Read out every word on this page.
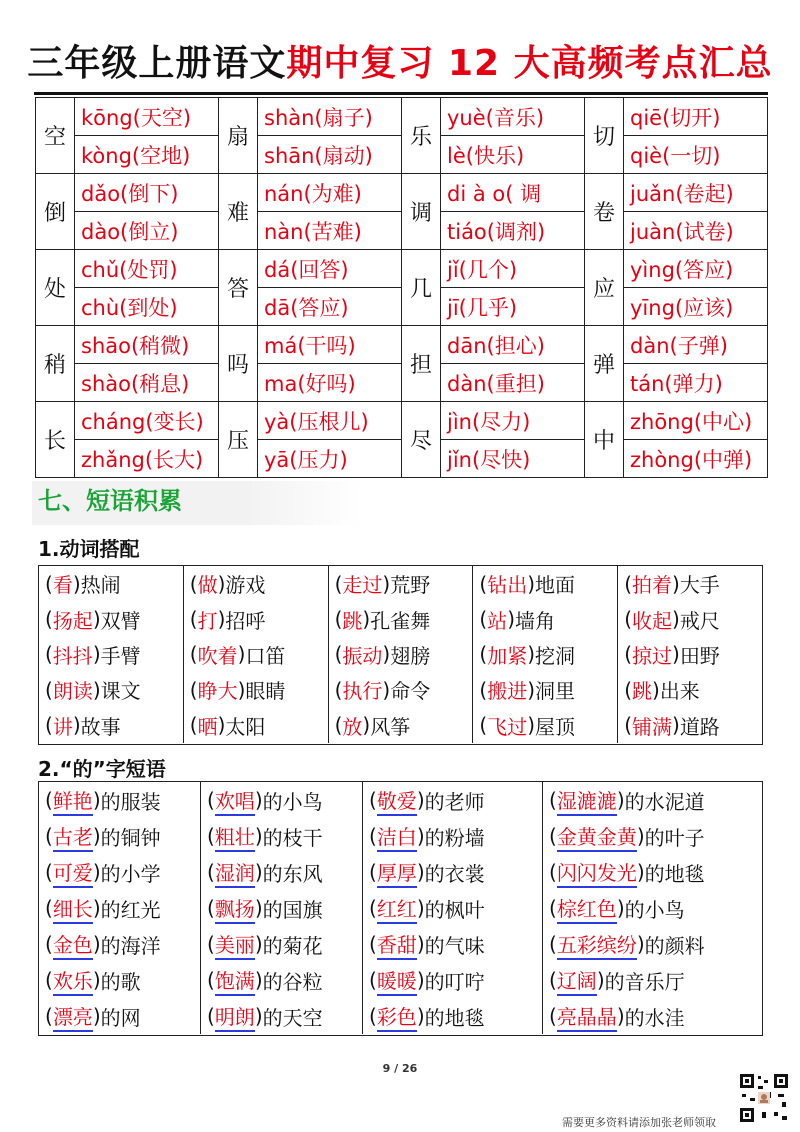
三年级上册语文期中复习 12 大高频考点汇总
空	kōng(天空)	扇	shàn(扇子)	乐	yuè(音乐)	切	qiē(切开)
	kòng(空地)		shān(扇动)		lè(快乐)		qiè(一切)
倒	dǎo(倒下)	难	nán(为难)	调	di à o( 调	卷	juǎn(卷起)
	dào(倒立)		nàn(苦难)		tiáo(调剂)		juàn(试卷)
处	chǔ(处罚)	答	dá(回答)	几	jǐ(几个)	应	yìng(答应)
	chù(到处)		dā(答应)		jī(几乎)		yīng(应该)
稍	shāo(稍微)	吗	má(干吗)	担	dān(担心)	弹	dàn(子弹)
	shào(稍息)		ma(好吗)		dàn(重担)		tán(弹力)
长	cháng(变长)	压	yà(压根儿)	尽	jìn(尽力)	中	zhōng(中心)
	zhǎng(长大)		yā(压力)		jǐn(尽快)		zhòng(中弹)
七、短语积累
1.动词搭配
( 看 ) 热闹	( 做 ) 游戏	( 走过 ) 荒野 ( 钻出 ) 地面 ( 拍着 ) 大手
( 扬起 ) 双臂 ( 打 ) 招呼	( 跳 ) 孔雀舞 ( 站 ) 墙角	( 收起 ) 戒尺
( 抖抖 ) 手臂 ( 吹着 ) 口笛 ( 振动 ) 翅膀 ( 加紧 ) 挖洞 ( 掠过 ) 田野
( 朗读 ) 课文 ( 睁大 ) 眼睛 ( 执行 ) 命令 ( 搬进 ) 洞里 ( 跳 ) 出来
( 讲 ) 故事	( 晒 ) 太阳	( 放 ) 风筝	( 飞过 ) 屋顶 ( 铺满 ) 道路
2.“的”字短语
( 鲜艳 ) 的服装 ( 欢唱 ) 的小鸟 ( 敬爱 ) 的老师	( 湿漉漉 ) 的水泥道
( 古老 ) 的铜钟 ( 粗壮 ) 的枝干 ( 洁白 ) 的粉墙	( 金黄金黄 ) 的叶子
( 可爱 ) 的小学 ( 湿润 ) 的东风 ( 厚厚 ) 的衣裳	( 闪闪发光 ) 的地毯
( 细长 ) 的红光 ( 飘扬 ) 的国旗 ( 红红 ) 的枫叶	( 棕红色 ) 的小鸟
( 金色 ) 的海洋 ( 美丽 ) 的菊花 ( 香甜 ) 的气味	( 五彩缤纷 ) 的颜料
( 欢乐 ) 的歌	( 饱满 ) 的谷粒 ( 暖暖 ) 的叮咛	( 辽阔 ) 的音乐厅
( 漂亮 ) 的网	( 明朗 ) 的天空 ( 彩色 ) 的地毯	( 亮晶晶 ) 的水洼
9 / 26
需要更多资料请添加张老师领取
